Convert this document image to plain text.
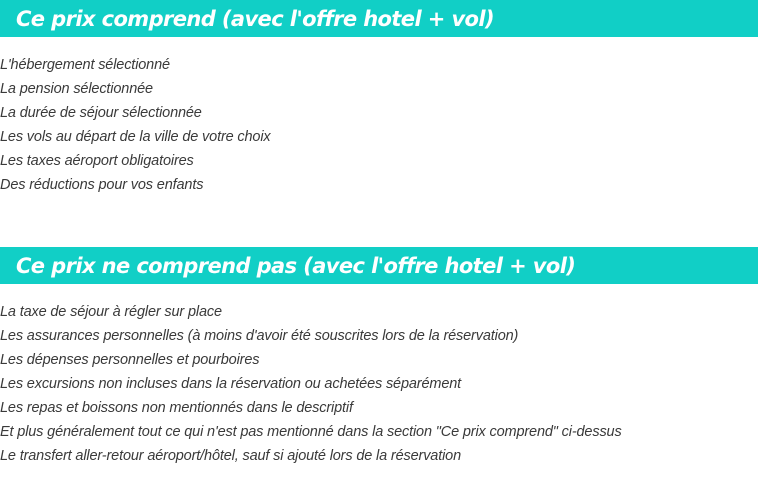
Ce prix comprend (avec l'offre hotel + vol)
L'hébergement sélectionné
La pension sélectionnée
La durée de séjour sélectionnée
Les vols au départ de la ville de votre choix
Les taxes aéroport obligatoires
Des réductions pour vos enfants
Ce prix ne comprend pas (avec l'offre hotel + vol)
La taxe de séjour à régler sur place
Les assurances personnelles (à moins d'avoir été souscrites lors de la réservation)
Les dépenses personnelles et pourboires
Les excursions non incluses dans la réservation ou achetées séparément
Les repas et boissons non mentionnés dans le descriptif
Et plus généralement tout ce qui n'est pas mentionné dans la section "Ce prix comprend" ci-dessus
Le transfert aller-retour aéroport/hôtel, sauf si ajouté lors de la réservation
